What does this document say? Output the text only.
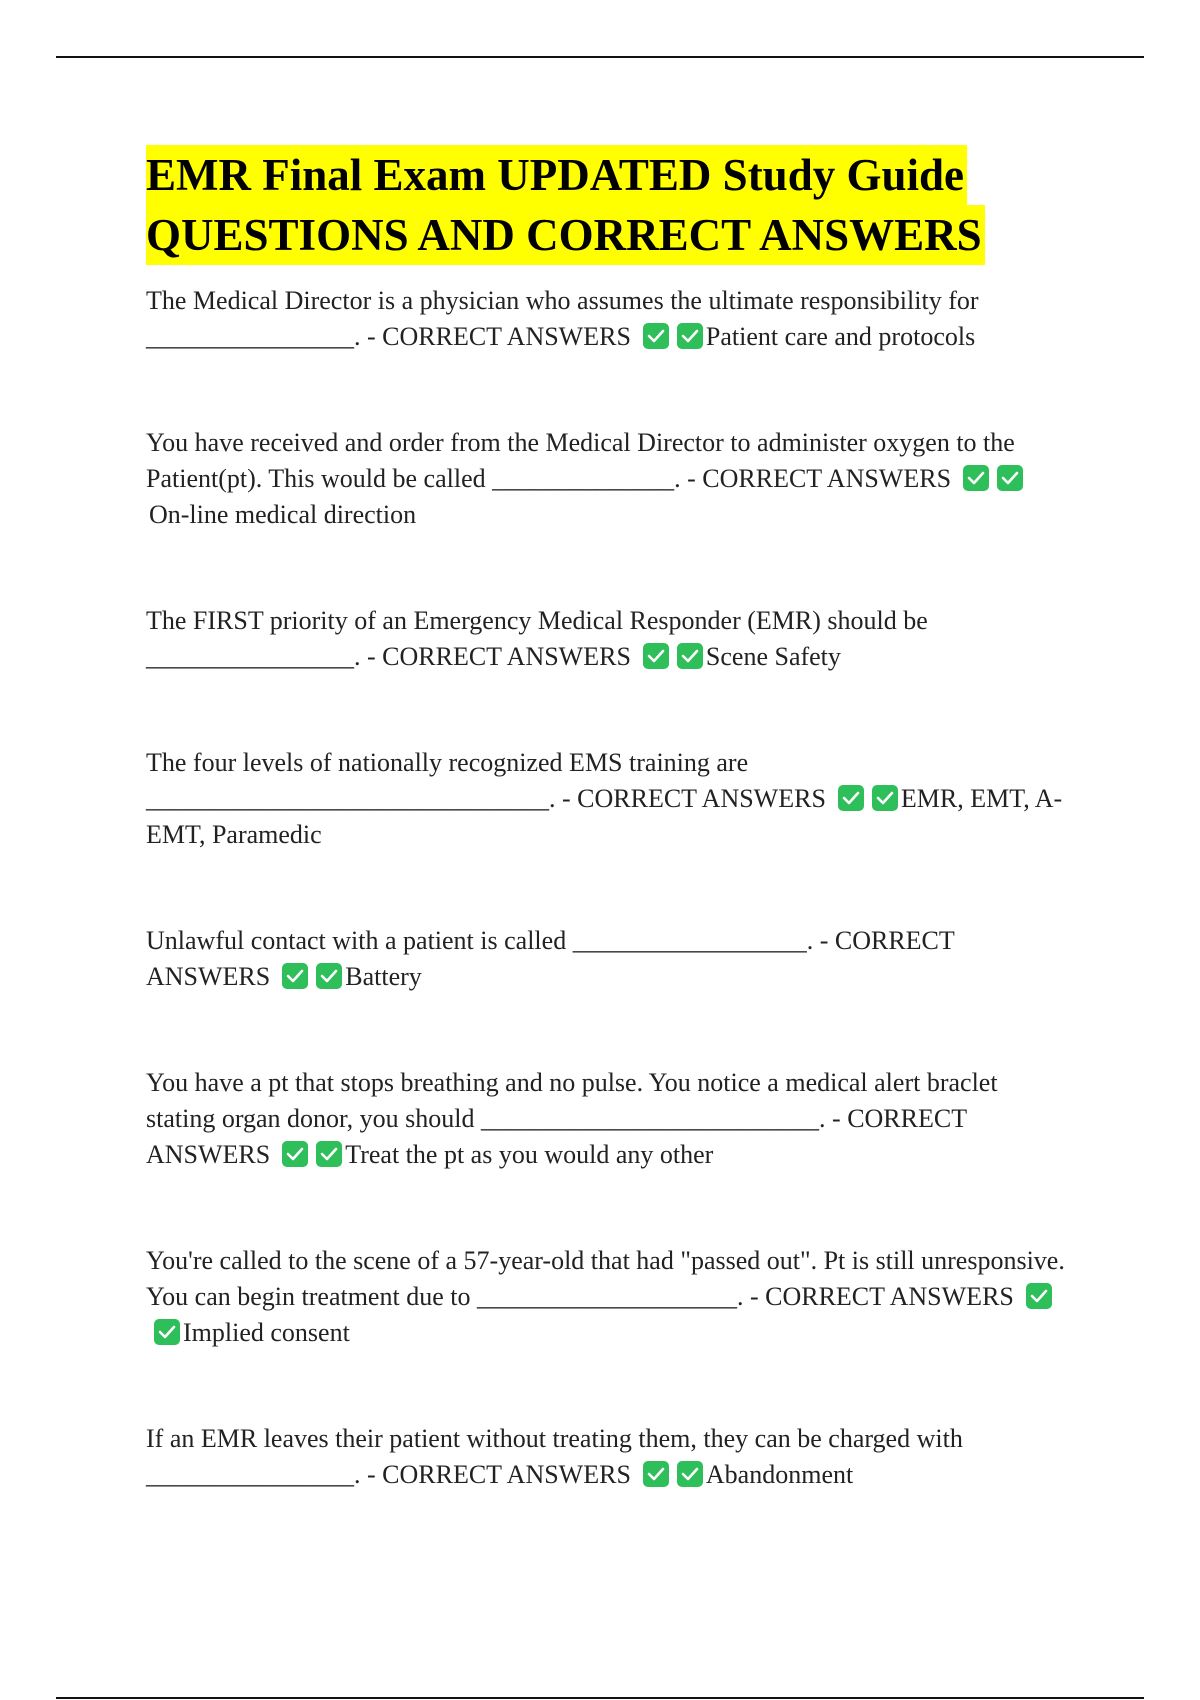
EMR Final Exam UPDATED Study Guide
QUESTIONS AND CORRECT ANSWERS

The Medical Director is a physician who assumes the ultimate responsibility for ________________. - CORRECT ANSWERS	Patient care and protocols

You have received and order from the Medical Director to administer oxygen to the Patient(pt). This would be called ______________. - CORRECT ANSWERS
On-line medical direction

The FIRST priority of an Emergency Medical Responder (EMR) should be ________________. - CORRECT ANSWERS	Scene Safety

The four levels of nationally recognized EMS training are _______________________________. - CORRECT ANSWERS	EMR, EMT, A-EMT, Paramedic

Unlawful contact with a patient is called __________________. - CORRECT ANSWERS	Battery

You have a pt that stops breathing and no pulse. You notice a medical alert braclet stating organ donor, you should __________________________. - CORRECT ANSWERS	Treat the pt as you would any other

You're called to the scene of a 57-year-old that had "passed out". Pt is still unresponsive. You can begin treatment due to ____________________. - CORRECT ANSWERS
Implied consent

If an EMR leaves their patient without treating them, they can be charged with ________________. - CORRECT ANSWERS	Abandonment
